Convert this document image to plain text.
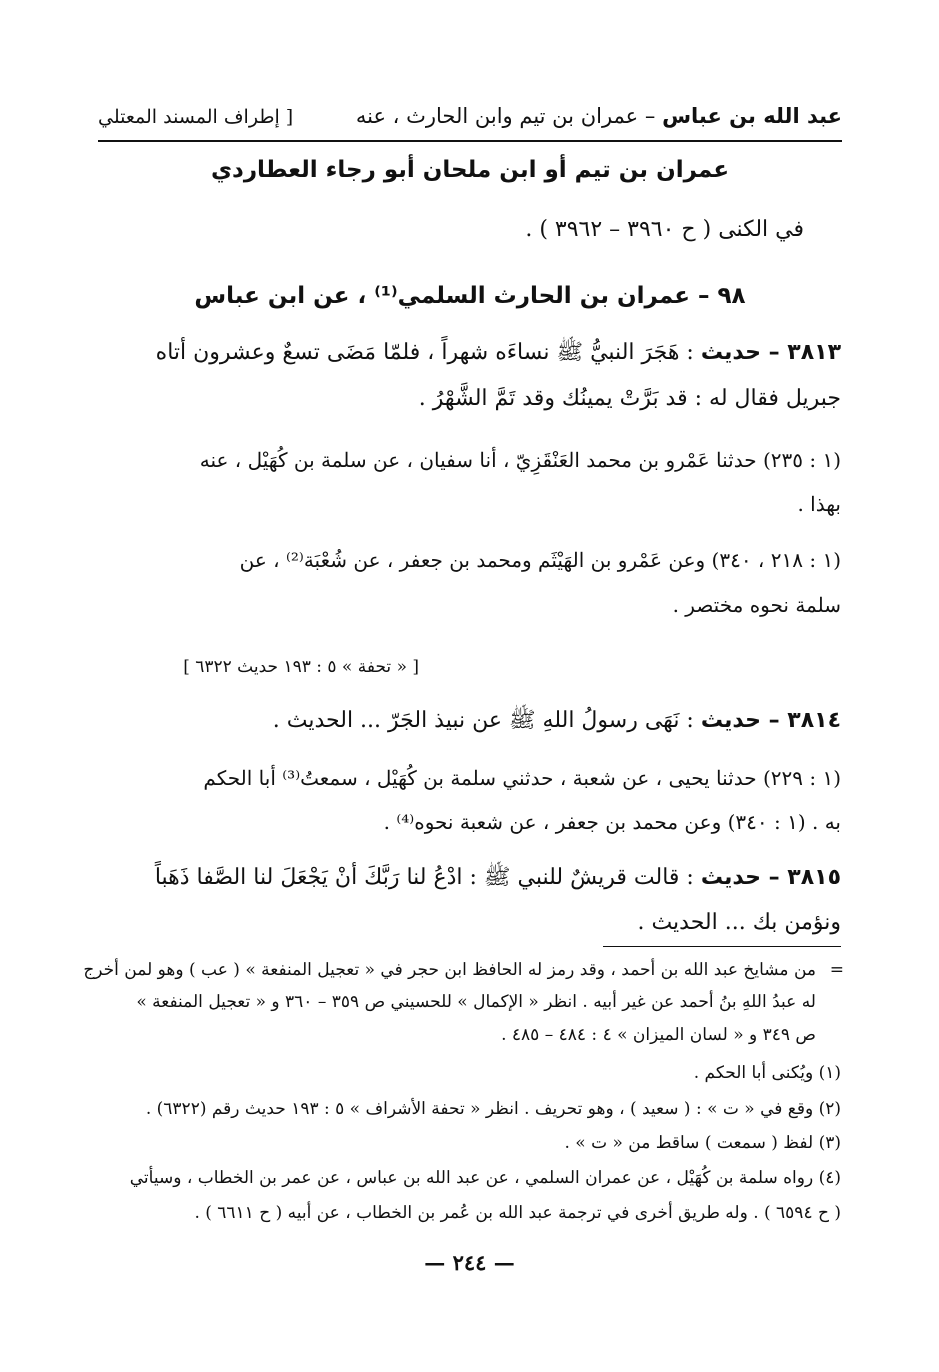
عبد الله بن عباس – عمران بن تيم وابن الحارث ، عنه
[ إطراف المسند المعتلي
عمران بن تيم أو ابن ملحان أبو رجاء العطاردي
في الكنى ( ح ٣٩٦٠ – ٣٩٦٢ ) .
٩٨ – عمران بن الحارث السلمي⁽¹⁾ ، عن ابن عباس
٣٨١٣ – حديث : هَجَرَ النبيُّ ﷺ نساءَه شهراً ، فلمّا مَضَى تسعٌ وعشرون أتاه
جبريل فقال له : قد بَرَّتْ يمينُك وقد تَمَّ الشَّهْرُ .
(١ : ٢٣٥) حدثنا عَمْرو بن محمد العَنْقَزِيّ ، أنا سفيان ، عن سلمة بن كُهَيْل ، عنه
بهذا .
(١ : ٢١٨ ، ٣٤٠) وعن عَمْرو بن الهَيْثَم ومحمد بن جعفر ، عن شُعْبَة⁽²⁾ ، عن
سلمة نحوه مختصر .
[ « تحفة » ٥ : ١٩٣ حديث ٦٣٢٢ ]
٣٨١٤ – حديث : نَهَى رسولُ اللهِ ﷺ عن نبيذ الجَرّ ... الحديث .
(١ : ٢٢٩) حدثنا يحيى ، عن شعبة ، حدثني سلمة بن كُهَيْل ، سمعتُ⁽³⁾ أبا الحكم
به . (١ : ٣٤٠) وعن محمد بن جعفر ، عن شعبة نحوه⁽⁴⁾ .
٣٨١٥ – حديث : قالت قريشٌ للنبي ﷺ : ادْعُ لنا رَبَّكَ أنْ يَجْعَلَ لنا الصَّفا ذَهَباً
ونؤمن بك ... الحديث .
=
من مشايخ عبد الله بن أحمد ، وقد رمز له الحافظ ابن حجر في « تعجيل المنفعة » ( عب ) وهو لمن أخرج
له عبدُ اللهِ بنُ أحمد عن غير أبيه . انظر « الإكمال » للحسيني ص ٣٥٩ – ٣٦٠ و « تعجيل المنفعة »
ص ٣٤٩ و « لسان الميزان » ٤ : ٤٨٤ – ٤٨٥ .
(١) ويُكنى أبا الحكم .
(٢) وقع في « ت » : ( سعيد ) ، وهو تحريف . انظر « تحفة الأشراف » ٥ : ١٩٣ حديث رقم (٦٣٢٢) .
(٣) لفظ ( سمعت ) ساقط من « ت » .
(٤) رواه سلمة بن كُهَيْل ، عن عمران السلمي ، عن عبد الله بن عباس ، عن عمر بن الخطاب ، وسيأتي
( ح ٦٥٩٤ ) . وله طريق أخرى في ترجمة عبد الله بن عُمر بن الخطاب ، عن أبيه ( ح ٦٦١١ ) .
— ٢٤٤ —
